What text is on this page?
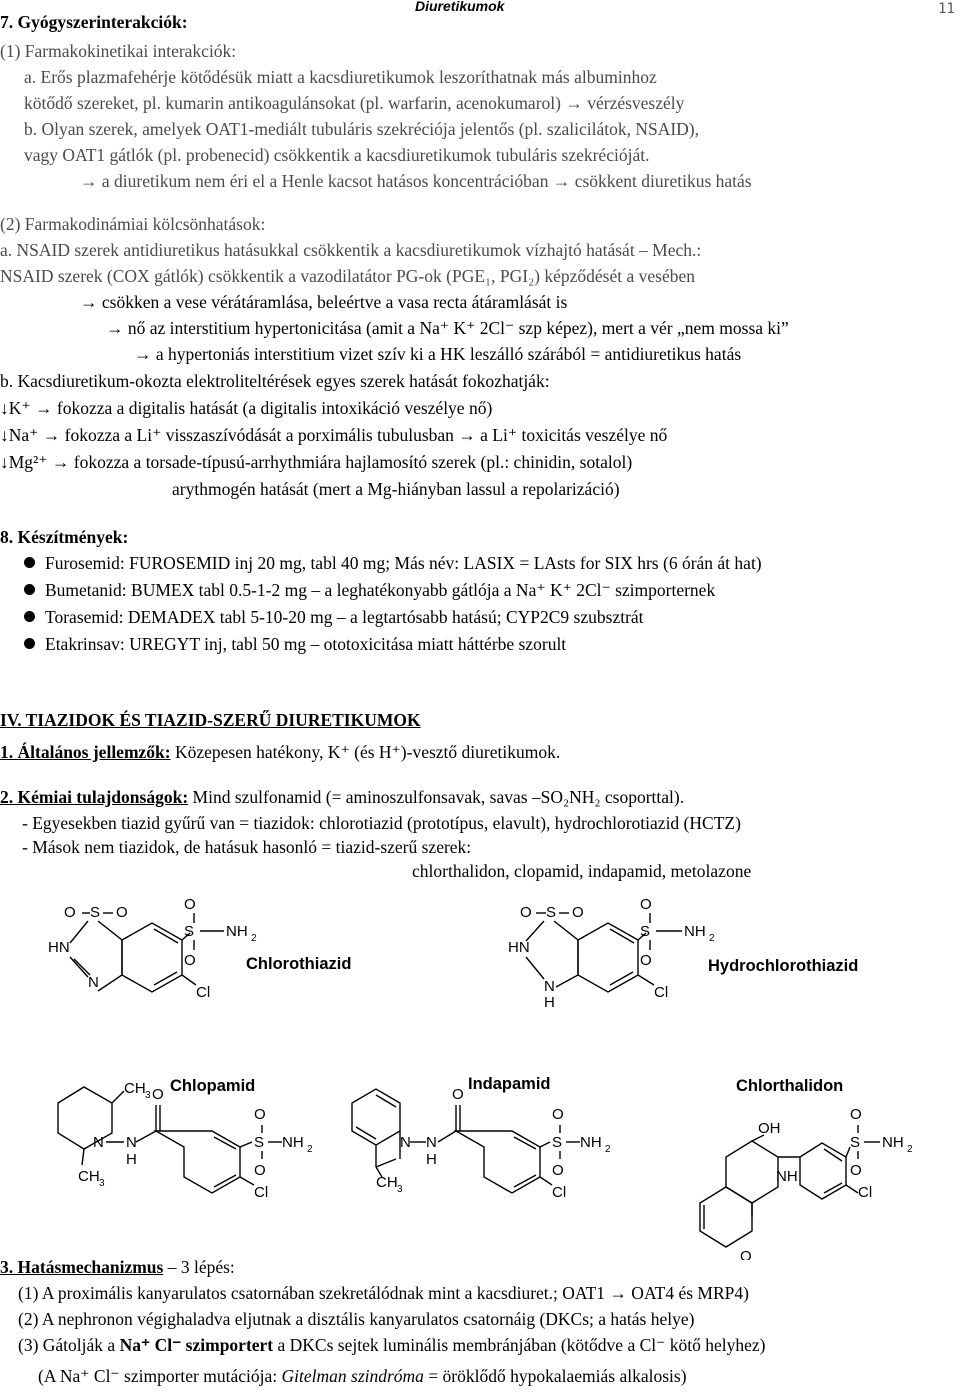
Diuretikumok	11
7. Gyógyszerinterakciók:
(1) Farmakokinetikai interakciók:
a. Erős plazmafehérje kötődésük miatt a kacsdiuretikumok leszoríthatnak más albuminhoz
kötődő szereket, pl. kumarin antikoagulánsokat (pl. warfarin, acenokumarol) → vérzésveszély
b. Olyan szerek, amelyek OAT1-mediált tubuláris szekréciója jelentős (pl. szalicilátok, NSAID),
vagy OAT1 gátlók (pl. probenecid) csökkentik a kacsdiuretikumok tubuláris szekrécióját.
→ a diuretikum nem éri el a Henle kacsot hatásos koncentrációban → csökkent diuretikus hatás
(2) Farmakodinámiai kölcsönhatások:
a. NSAID szerek antidiuretikus hatásukkal csökkentik a kacsdiuretikumok vízhajtó hatását – Mech.:
NSAID szerek (COX gátlók) csökkentik a vazodilatátor PG-ok (PGE₁, PGI₂) képződését a vesében
→ csökken a vese vérátáramlása, beleértve a vasa recta átáramlását is
→ nő az interstitium hypertonicitása (amit a Na⁺ K⁺ 2Cl⁻ szp képez), mert a vér „nem mossa ki”
→ a hypertoniás interstitium vizet szív ki a HK leszálló szárából = antidiuretikus hatás
b. Kacsdiuretikum-okozta elektroliteltérések egyes szerek hatását fokozhatják:
↓K⁺ → fokozza a digitalis hatását (a digitalis intoxikáció veszélye nő)
↓Na⁺ → fokozza a Li⁺ visszaszívódását a porximális tubulusban → a Li⁺ toxicitás veszélye nő
↓Mg²⁺ → fokozza a torsade-típusú-arrhythmiára hajlamosító szerek (pl.: chinidin, sotalol)
arythmogén hatását (mert a Mg-hiányban lassul a repolarizáció)
8. Készítmények:
Furosemid: FUROSEMID inj 20 mg, tabl 40 mg; Más név: LASIX = LAsts for SIX hrs (6 órán át hat)
Bumetanid: BUMEX tabl 0.5-1-2 mg – a leghatékonyabb gátlója a Na⁺ K⁺ 2Cl⁻ szimporternek
Torasemid: DEMADEX tabl 5-10-20 mg – a legtartósabb hatású; CYP2C9 szubsztrát
Etakrinsav: UREGYT inj, tabl 50 mg – ototoxicitása miatt háttérbe szorult
IV. TIAZIDOK ÉS TIAZID-SZERŰ DIURETIKUMOK
1. Általános jellemzők: Közepesen hatékony, K⁺ (és H⁺)-vesztő diuretikumok.
2. Kémiai tulajdonságok: Mind szulfonamid (= aminoszulfonsavak, savas –SO₂NH₂ csoporttal).
- Egyesekben tiazid gyűrű van = tiazidok: chlorotiazid (prototípus, elavult), hydrochlorotiazid (HCTZ)
- Mások nem tiazidok, de hatásuk hasonló = tiazid-szerű szerek:
chlorthalidon, clopamid, indapamid, metolazone
O S O
HN
N
S
O
O
NH 2
Cl
Chlorothiazid
O S O
HN
N
H
S
O
O
NH 2
Cl
Hydrochlorothiazid
CH 3
N
CH 3
N
H
O
S
O
O
NH 2
Cl
Chlopamid
CH 3
N N
H
O
S
O
O
NH 2
Cl
Indapamid
OH
NH
O
S
O
O
NH 2
Cl
Chlorthalidon
3. Hatásmechanizmus – 3 lépés:
(1) A proximális kanyarulatos csatornában szekretálódnak mint a kacsdiuret.; OAT1 → OAT4 és MRP4)
(2) A nephronon végighaladva eljutnak a disztális kanyarulatos csatornáig (DKCs; a hatás helye)
(3) Gátolják a Na⁺ Cl⁻ szimportert a DKCs sejtek luminális membránjában (kötődve a Cl⁻ kötő helyhez)
(A Na⁺ Cl⁻ szimporter mutációja: Gitelman szindróma = öröklődő hypokalaemiás alkalosis)
